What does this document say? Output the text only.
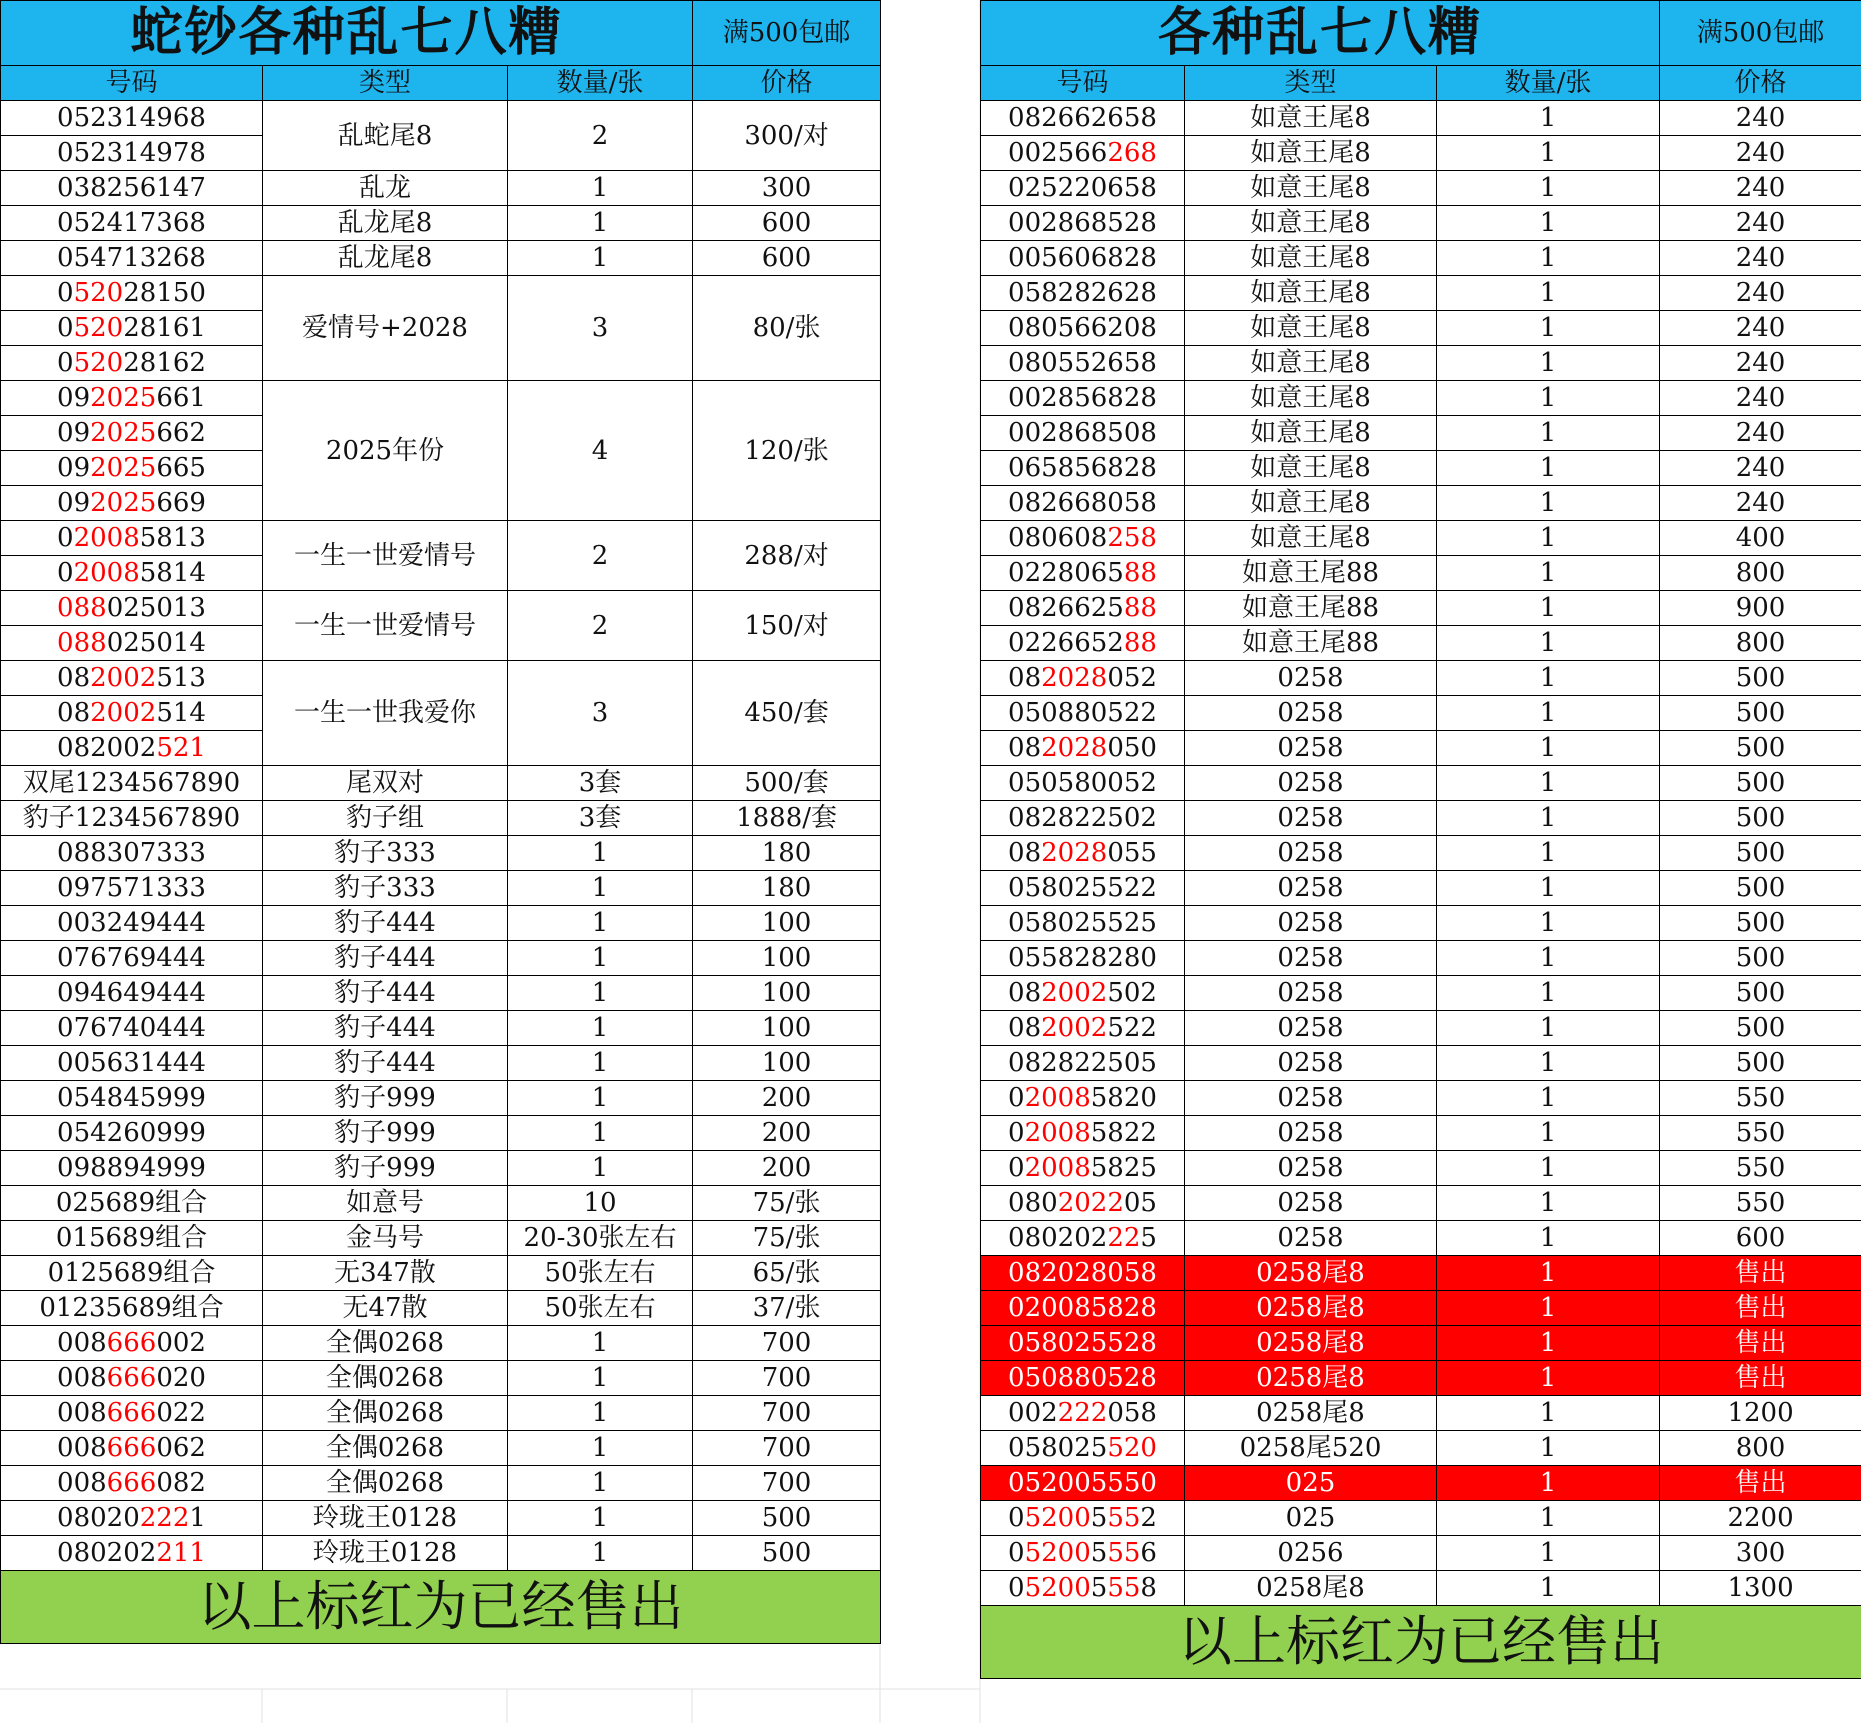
蛇钞各种乱七八糟			满500包邮
号码	类型	数量/张	价格
052314968	乱蛇尾8	2	300/对
052314978			
038256147	乱龙	1	300
052417368	乱龙尾8	1	600
054713268	乱龙尾8	1	600
052028150	爱情号+2028	3	80/张
052028161			
052028162			
092025661	2025年份	4	120/张
092025662			
092025665			
092025669			
020085813	一生一世爱情号	2	288/对
020085814			
088025013	一生一世爱情号	2	150/对
088025014			
082002513	一生一世我爱你	3	450/套
082002514			
082002521			
双尾1234567890	尾双对	3套	500/套
豹子1234567890	豹子组	3套	1888/套
088307333	豹子333	1	180
097571333	豹子333	1	180
003249444	豹子444	1	100
076769444	豹子444	1	100
094649444	豹子444	1	100
076740444	豹子444	1	100
005631444	豹子444	1	100
054845999	豹子999	1	200
054260999	豹子999	1	200
098894999	豹子999	1	200
025689组合	如意号	10	75/张
015689组合	金马号	20-30张左右	75/张
0125689组合	无347散	50张左右	65/张
01235689组合	无47散	50张左右	37/张
008666002	全偶0268	1	700
008666020	全偶0268	1	700
008666022	全偶0268	1	700
008666062	全偶0268	1	700
008666082	全偶0268	1	700
080202221	玲珑王0128	1	500
080202211	玲珑王0128	1	500
以上标红为已经售出			
各种乱七八糟			满500包邮
号码	类型	数量/张	价格
082662658	如意王尾8	1	240
002566268	如意王尾8	1	240
025220658	如意王尾8	1	240
002868528	如意王尾8	1	240
005606828	如意王尾8	1	240
058282628	如意王尾8	1	240
080566208	如意王尾8	1	240
080552658	如意王尾8	1	240
002856828	如意王尾8	1	240
002868508	如意王尾8	1	240
065856828	如意王尾8	1	240
082668058	如意王尾8	1	240
080608258	如意王尾8	1	400
022806588	如意王尾88	1	800
082662588	如意王尾88	1	900
022665288	如意王尾88	1	800
082028052	0258	1	500
050880522	0258	1	500
082028050	0258	1	500
050580052	0258	1	500
082822502	0258	1	500
082028055	0258	1	500
058025522	0258	1	500
058025525	0258	1	500
055828280	0258	1	500
082002502	0258	1	500
082002522	0258	1	500
082822505	0258	1	500
020085820	0258	1	550
020085822	0258	1	550
020085825	0258	1	550
080202205	0258	1	550
080202225	0258	1	600
082028058	0258尾8	1	售出
020085828	0258尾8	1	售出
058025528	0258尾8	1	售出
050880528	0258尾8	1	售出
002222058	0258尾8	1	1200
058025520	0258尾520	1	800
052005550	025	1	售出
052005552	025	1	2200
052005556	0256	1	300
052005558	0258尾8	1	1300
以上标红为已经售出			
